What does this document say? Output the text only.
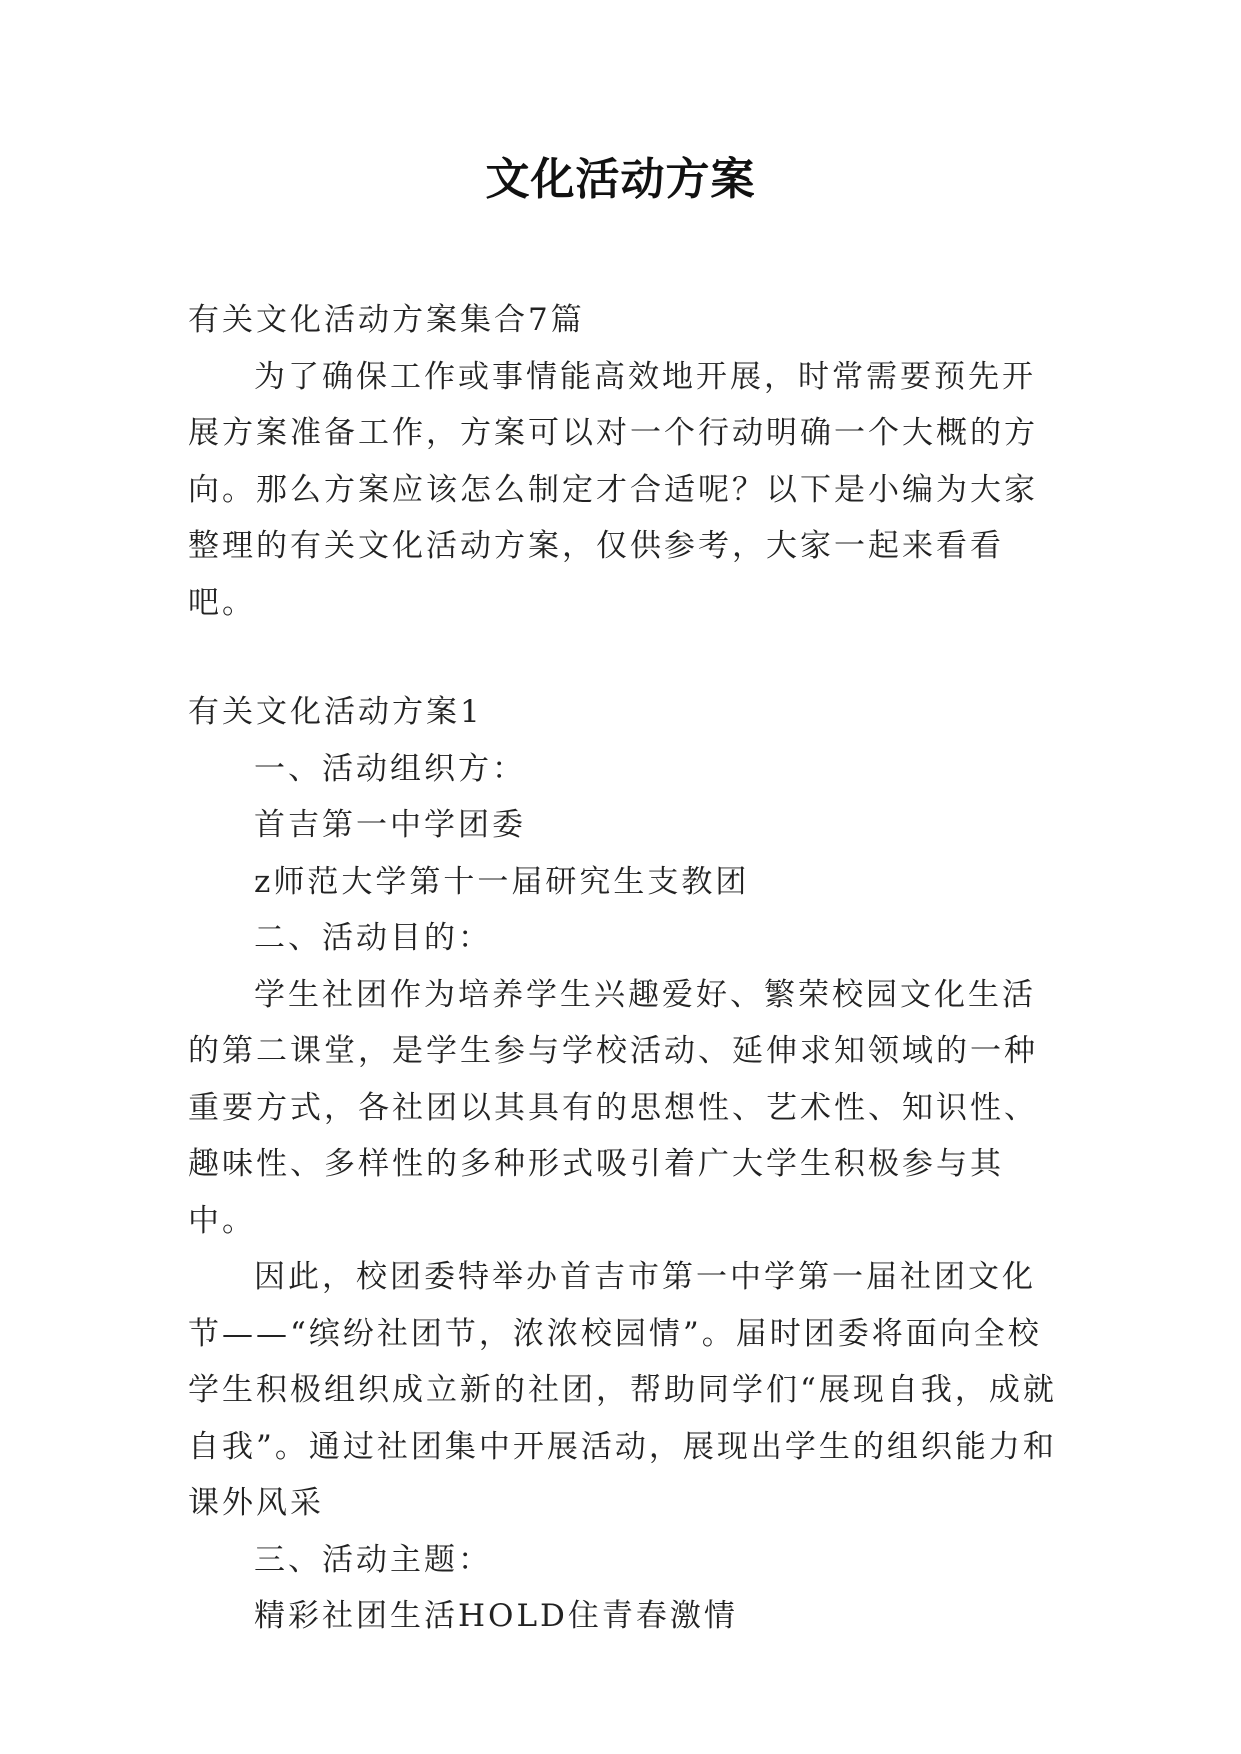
文化活动方案

有关文化活动方案集合7篇

为了确保工作或事情能高效地开展，时常需要预先开展方案准备工作，方案可以对一个行动明确一个大概的方向。那么方案应该怎么制定才合适呢？以下是小编为大家整理的有关文化活动方案，仅供参考，大家一起来看看吧。

有关文化活动方案1

一、活动组织方：

首吉第一中学团委

z师范大学第十一届研究生支教团

二、活动目的：

学生社团作为培养学生兴趣爱好、繁荣校园文化生活的第二课堂，是学生参与学校活动、延伸求知领域的一种重要方式，各社团以其具有的思想性、艺术性、知识性、趣味性、多样性的多种形式吸引着广大学生积极参与其中。

因此，校团委特举办首吉市第一中学第一届社团文化节——“缤纷社团节，浓浓校园情”。届时团委将面向全校学生积极组织成立新的社团，帮助同学们“展现自我，成就自我”。通过社团集中开展活动，展现出学生的组织能力和课外风采

三、活动主题：

精彩社团生活HOLD住青春激情
